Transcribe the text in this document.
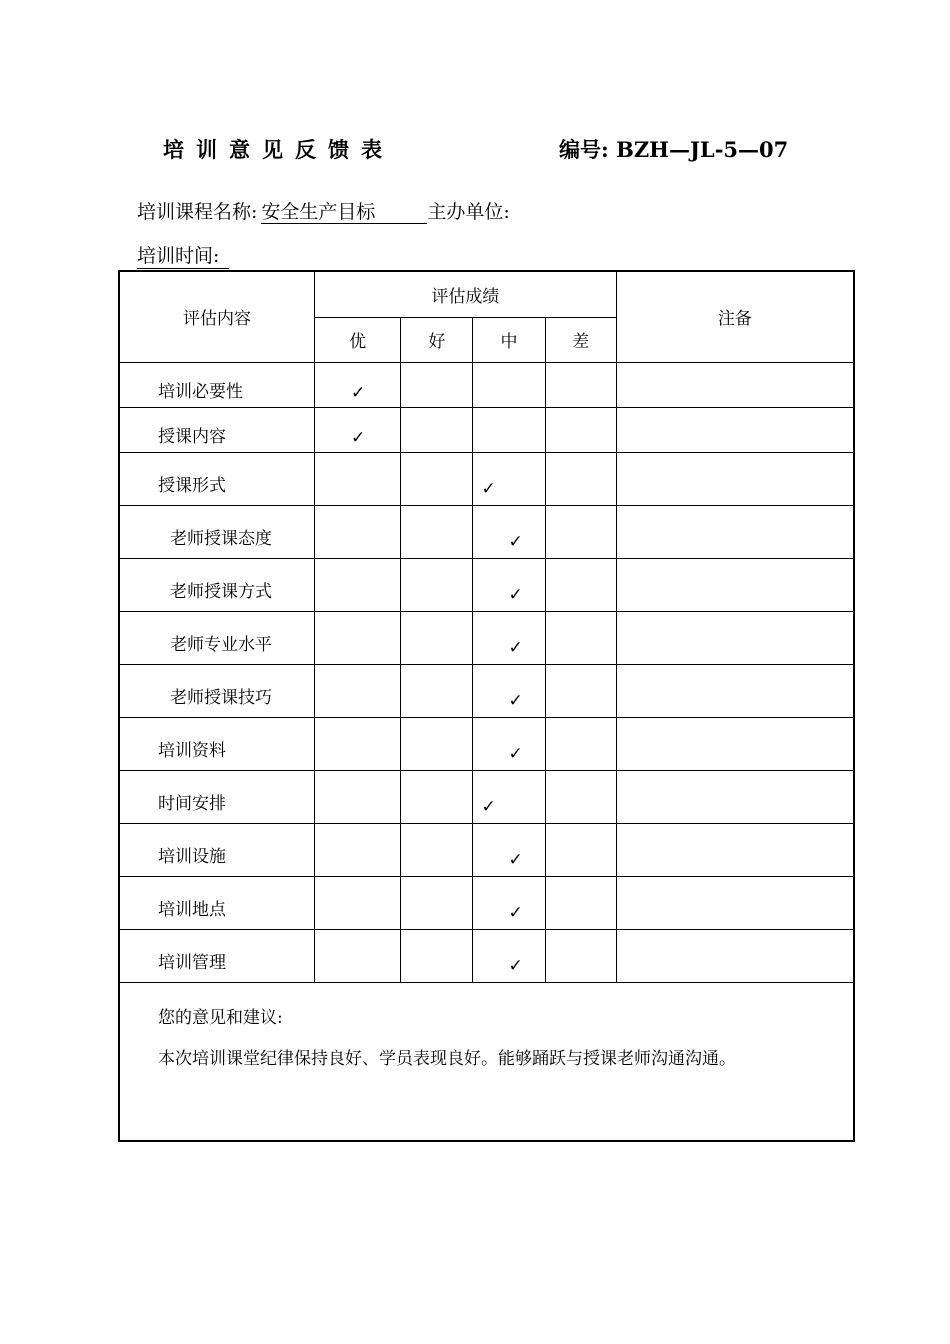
培训意见反馈表	编号: BZH—JL-5—07
培训课程名称: 安全生产目标	主办单位:
培训时间:
评估内容	评估成绩				注备
	优	好	中	差	
培训必要性	✓				

授课内容	✓				

授课形式			✓		

老师授课态度			✓		

老师授课方式			✓		

老师专业水平			✓		

老师授课技巧			✓		

培训资料			✓		

时间安排			✓		

培训设施			✓		

培训地点			✓		

培训管理			✓		

您的意见和建议:
本次培训课堂纪律保持良好、学员表现良好。能够踊跃与授课老师沟通沟通。					
